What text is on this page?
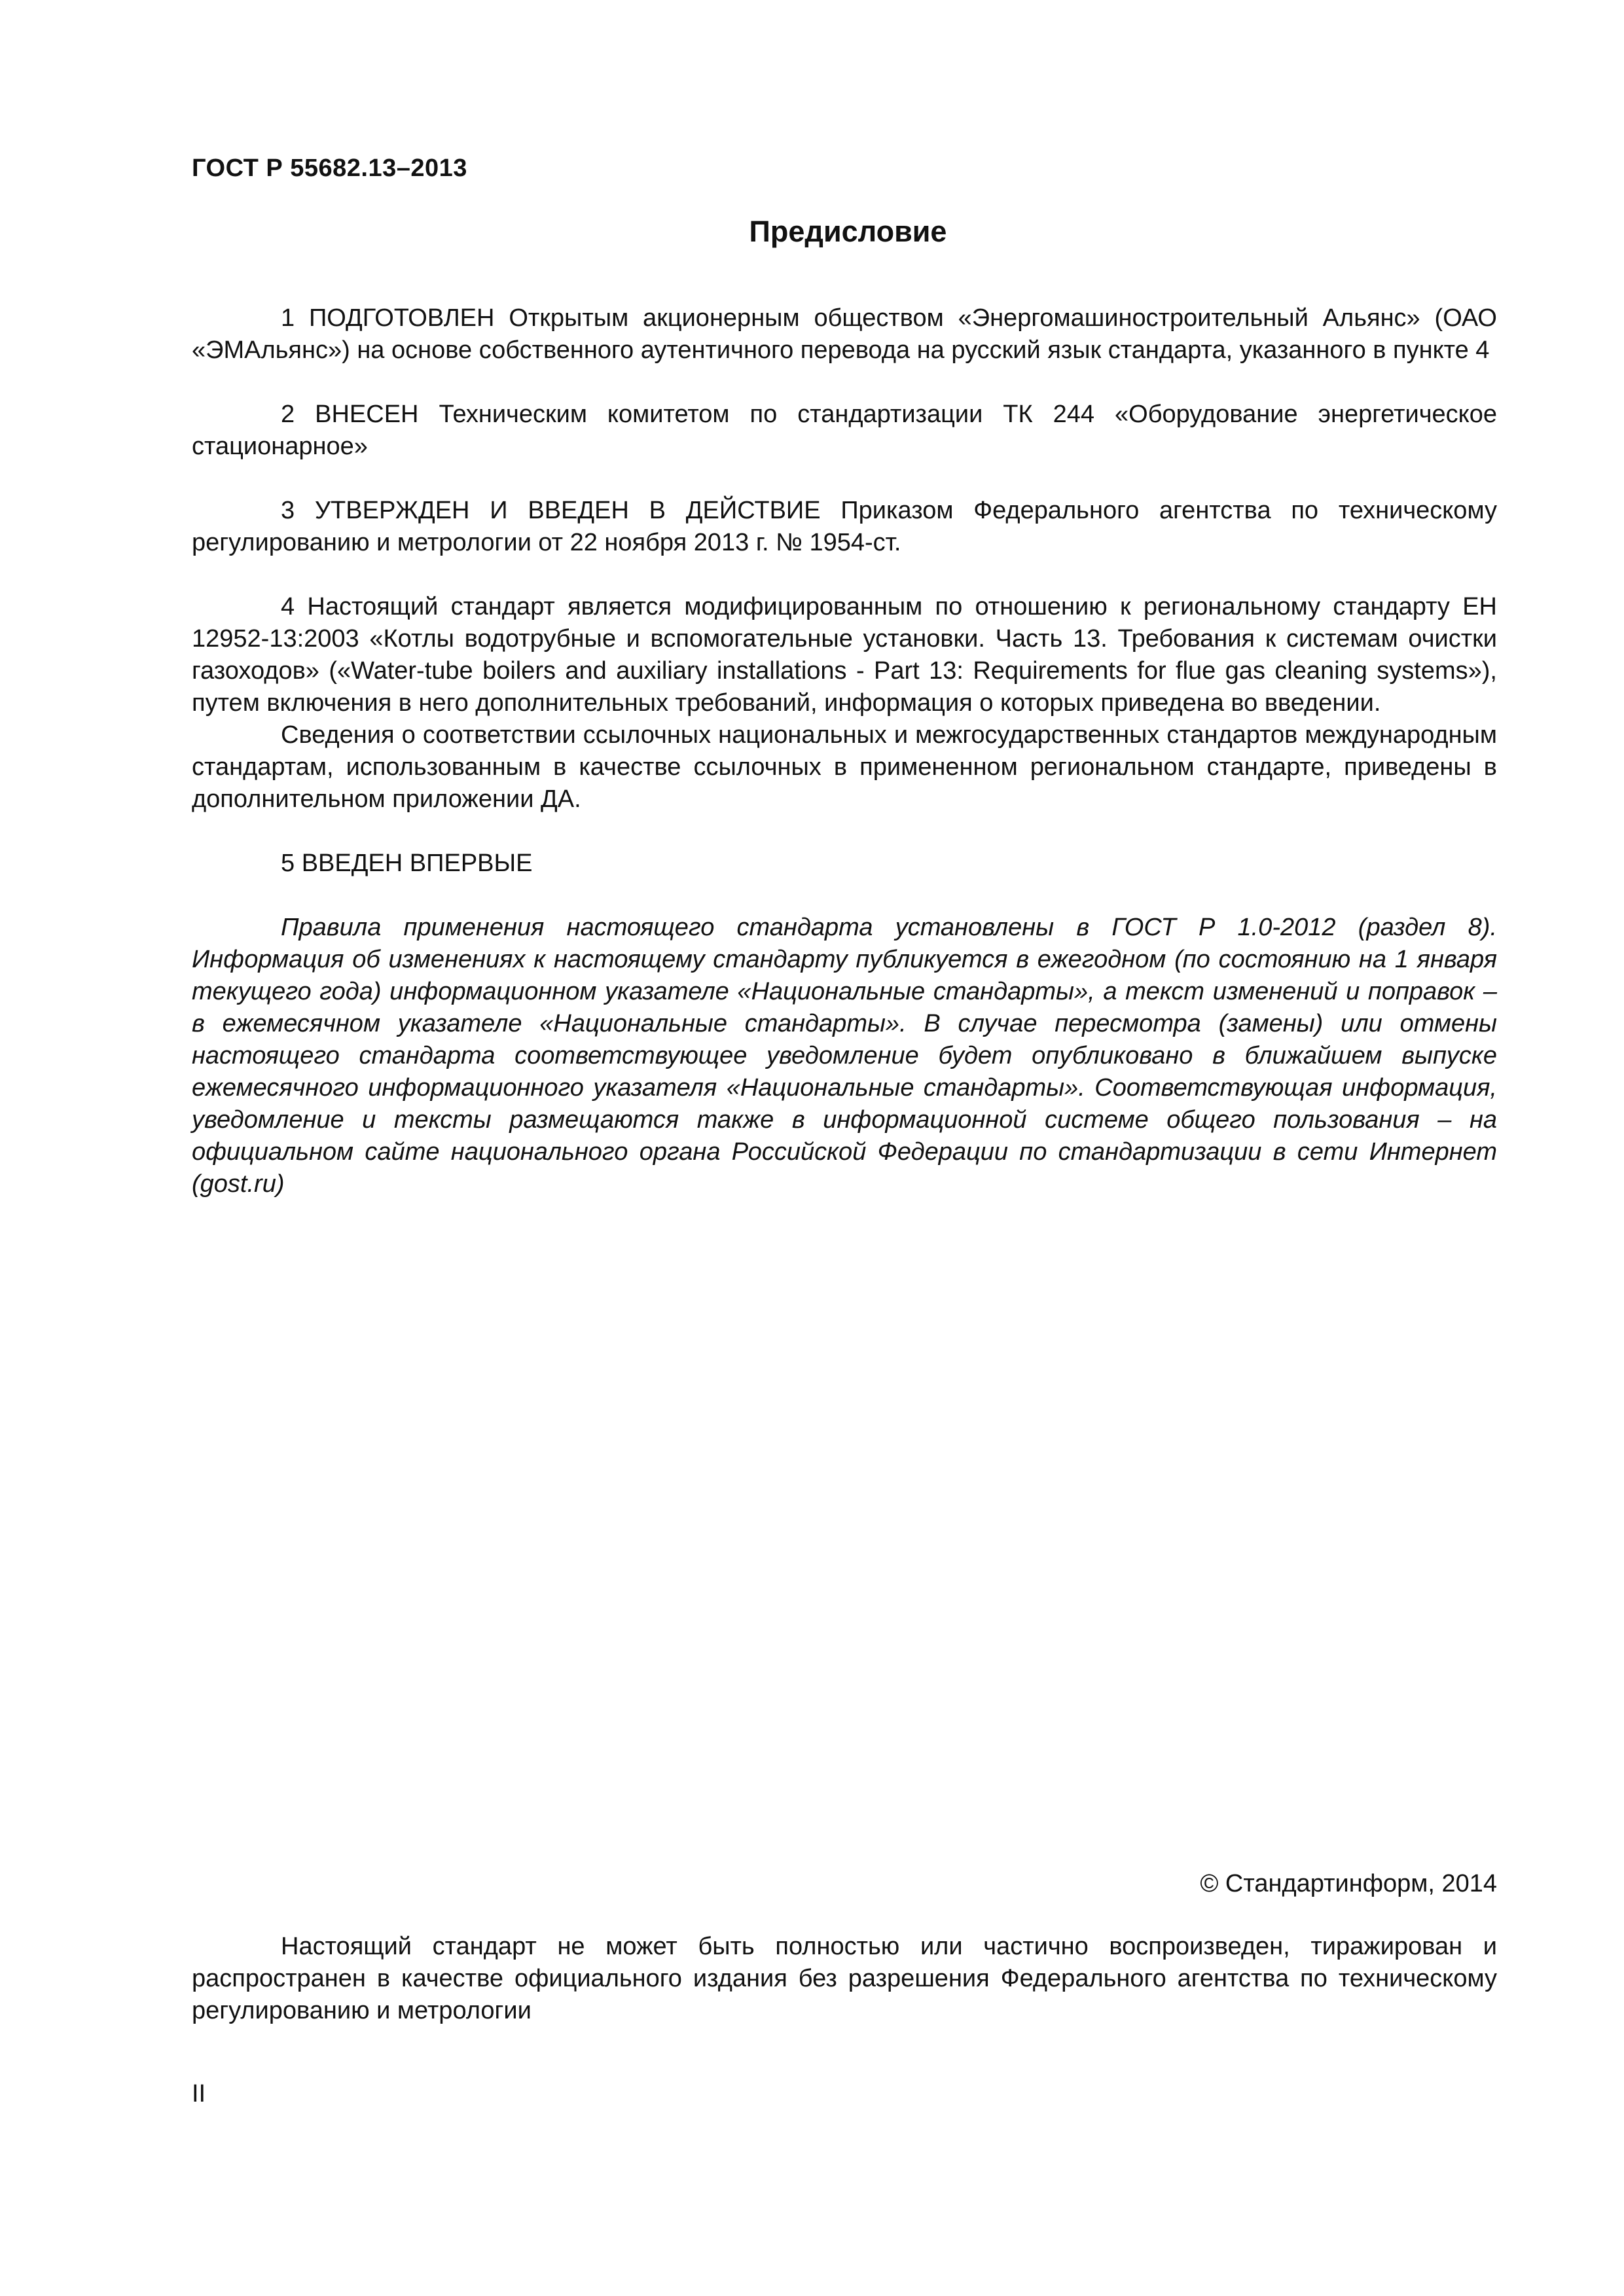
ГОСТ Р 55682.13–2013
Предисловие

1 ПОДГОТОВЛЕН Открытым акционерным обществом «Энергомашиностроительный Альянс» (ОАО «ЭМАльянс») на основе собственного аутентичного перевода на русский язык стандарта, указанного в пункте 4

2 ВНЕСЕН Техническим комитетом по стандартизации ТК 244 «Оборудование энергетическое стационарное»

3 УТВЕРЖДЕН И ВВЕДЕН В ДЕЙСТВИЕ Приказом Федерального агентства по техническому регулированию и метрологии от 22 ноября 2013 г. № 1954-ст.

4 Настоящий стандарт является модифицированным по отношению к региональному стандарту ЕН 12952-13:2003 «Котлы водотрубные и вспомогательные установки. Часть 13. Требования к системам очистки газоходов» («Water-tube boilers and auxiliary installations - Part 13: Requirements for flue gas cleaning systems»), путем включения в него дополнительных требований, информация о которых приведена во введении.

Сведения о соответствии ссылочных национальных и межгосударственных стандартов международным стандартам, использованным в качестве ссылочных в примененном региональном стандарте, приведены в дополнительном приложении ДА.

5 ВВЕДЕН ВПЕРВЫЕ

Правила применения настоящего стандарта установлены в ГОСТ Р 1.0-2012 (раздел 8). Информация об изменениях к настоящему стандарту публикуется в ежегодном (по состоянию на 1 января текущего года) информационном указателе «Национальные стандарты», а текст изменений и поправок – в ежемесячном указателе «Национальные стандарты». В случае пересмотра (замены) или отмены настоящего стандарта соответствующее уведомление будет опубликовано в ближайшем выпуске ежемесячного информационного указателя «Национальные стандарты». Соответствующая информация, уведомление и тексты размещаются также в информационной системе общего пользования – на официальном сайте национального органа Российской Федерации по стандартизации в сети Интернет (gost.ru)

© Стандартинформ, 2014

Настоящий стандарт не может быть полностью или частично воспроизведен, тиражирован и распространен в качестве официального издания без разрешения Федерального агентства по техническому регулированию и метрологии

II
